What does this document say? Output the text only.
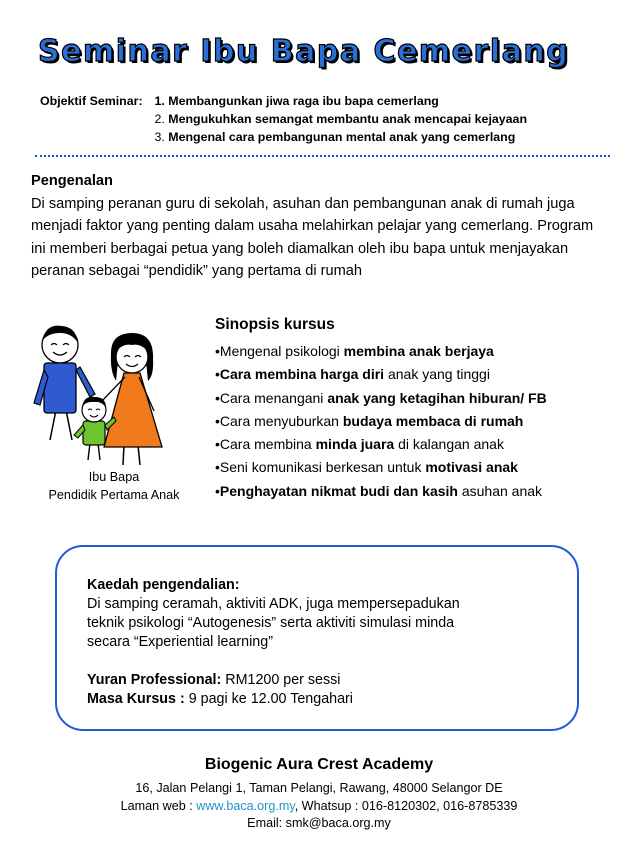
Seminar Ibu Bapa Cemerlang
Objektif Seminar: 1. Membangunkan jiwa raga ibu bapa cemerlang
2. Mengukuhkan semangat membantu anak mencapai kejayaan
3. Mengenal cara pembangunan mental anak yang cemerlang
Pengenalan
Di samping peranan guru di sekolah, asuhan dan pembangunan anak di rumah juga menjadi faktor yang penting dalam usaha melahirkan pelajar yang cemerlang. Program ini memberi berbagai petua yang boleh diamalkan oleh ibu bapa untuk menjayakan peranan sebagai “pendidik” yang pertama di rumah
Ibu Bapa
Pendidik Pertama Anak
Sinopsis kursus
•Mengenal psikologi membina anak berjaya
•Cara membina harga diri anak yang tinggi
•Cara menangani anak yang ketagihan hiburan/ FB
•Cara menyuburkan budaya membaca di rumah
•Cara membina minda juara di kalangan anak
•Seni komunikasi berkesan untuk motivasi anak
•Penghayatan nikmat budi dan kasih asuhan anak
Kaedah pengendalian:
Di samping ceramah, aktiviti ADK, juga mempersepadukan
teknik psikologi “Autogenesis” serta aktiviti simulasi minda
secara “Experiential learning”
Yuran Professional: RM1200 per sessi
Masa Kursus : 9 pagi ke 12.00 Tengahari
Biogenic Aura Crest Academy
16, Jalan Pelangi 1, Taman Pelangi, Rawang, 48000 Selangor DE
Laman web : www.baca.org.my, Whatsup : 016-8120302, 016-8785339
Email: smk@baca.org.my
